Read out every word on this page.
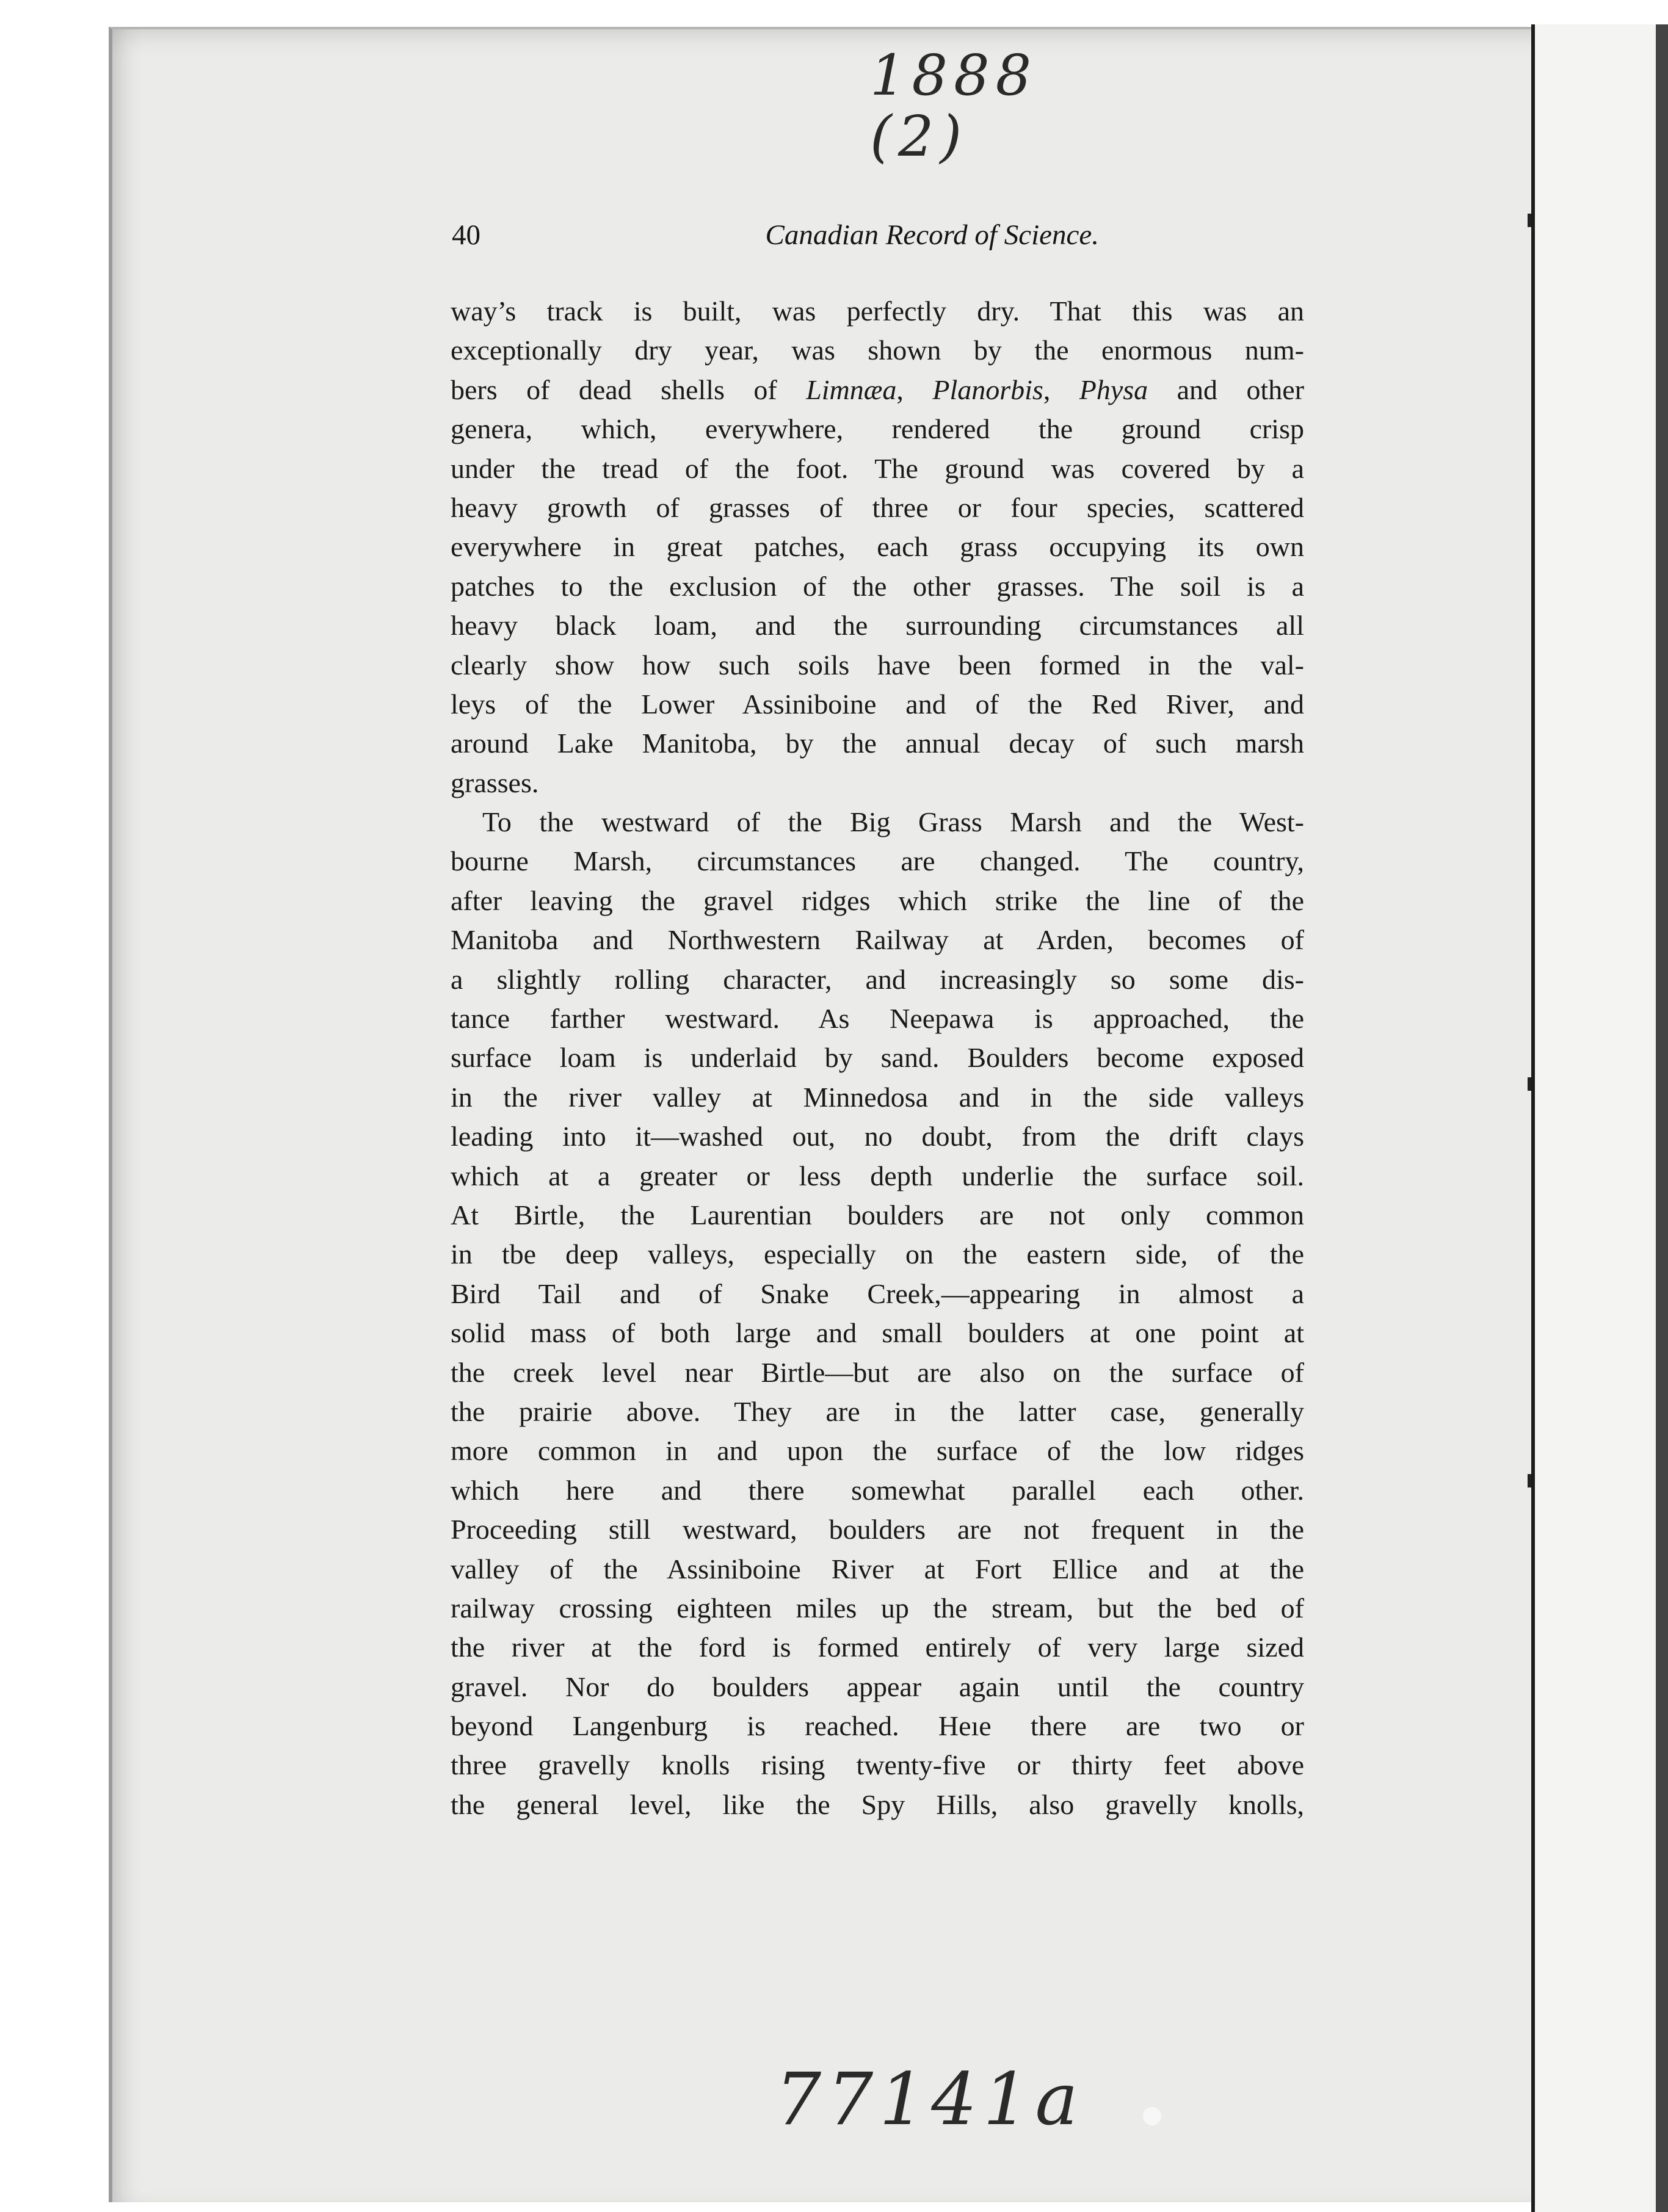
1888
(2)
40	Canadian Record of Science.
way’s track is built, was perfectly dry. That this was an
exceptionally dry year, was shown by the enormous num-
bers of dead shells of Limnæa, Planorbis, Physa and other
genera, which, everywhere, rendered the ground crisp
under the tread of the foot. The ground was covered by a
heavy growth of grasses of three or four species, scattered
everywhere in great patches, each grass occupying its own
patches to the exclusion of the other grasses. The soil is a
heavy black loam, and the surrounding circumstances all
clearly show how such soils have been formed in the val-
leys of the Lower Assiniboine and of the Red River, and
around Lake Manitoba, by the annual decay of such marsh
grasses.
To the westward of the Big Grass Marsh and the West-
bourne Marsh, circumstances are changed. The country,
after leaving the gravel ridges which strike the line of the
Manitoba and Northwestern Railway at Arden, becomes of
a slightly rolling character, and increasingly so some dis-
tance farther westward. As Neepawa is approached, the
surface loam is underlaid by sand. Boulders become exposed
in the river valley at Minnedosa and in the side valleys
leading into it—washed out, no doubt, from the drift clays
which at a greater or less depth underlie the surface soil.
At Birtle, the Laurentian boulders are not only common
in tbe deep valleys, especially on the eastern side, of the
Bird Tail and of Snake Creek,—appearing in almost a
solid mass of both large and small boulders at one point at
the creek level near Birtle—but are also on the surface of
the prairie above. They are in the latter case, generally
more common in and upon the surface of the low ridges
which here and there somewhat parallel each other.
Proceeding still westward, boulders are not frequent in the
valley of the Assiniboine River at Fort Ellice and at the
railway crossing eighteen miles up the stream, but the bed of
the river at the ford is formed entirely of very large sized
gravel. Nor do boulders appear again until the country
beyond Langenburg is reached. Heıe there are two or
three gravelly knolls rising twenty-five or thirty feet above
the general level, like the Spy Hills, also gravelly knolls,
77141a
